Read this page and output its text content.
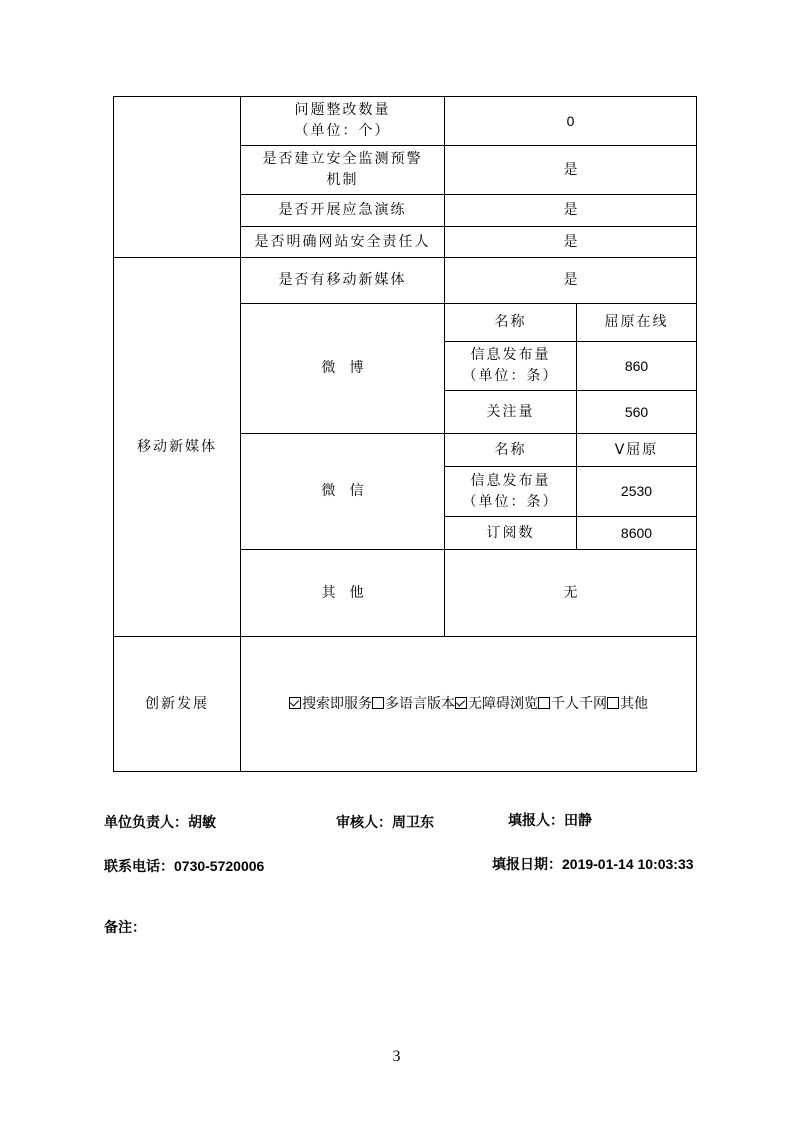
	问题整改数量
（单位：个）	0	
	是否建立安全监测预警
机制	是	
	是否开展应急演练	是	
	是否明确网站安全责任人	是	
移动新媒体	是否有移动新媒体	是	
	微　博	名称	屈原在线
		信息发布量
（单位：条）	860
		关注量	560
	微　信	名称	V屈原
		信息发布量
（单位：条）	2530
		订阅数	8600
	其　他	无	
创新发展	搜索即服务 多语言版本 无障碍浏览 千人千网 其他		
单位负责人：胡敏	审核人：周卫东	填报人：田静
联系电话：0730-5720006	填报日期：2019-01-14 10:03:33
备注：
3
